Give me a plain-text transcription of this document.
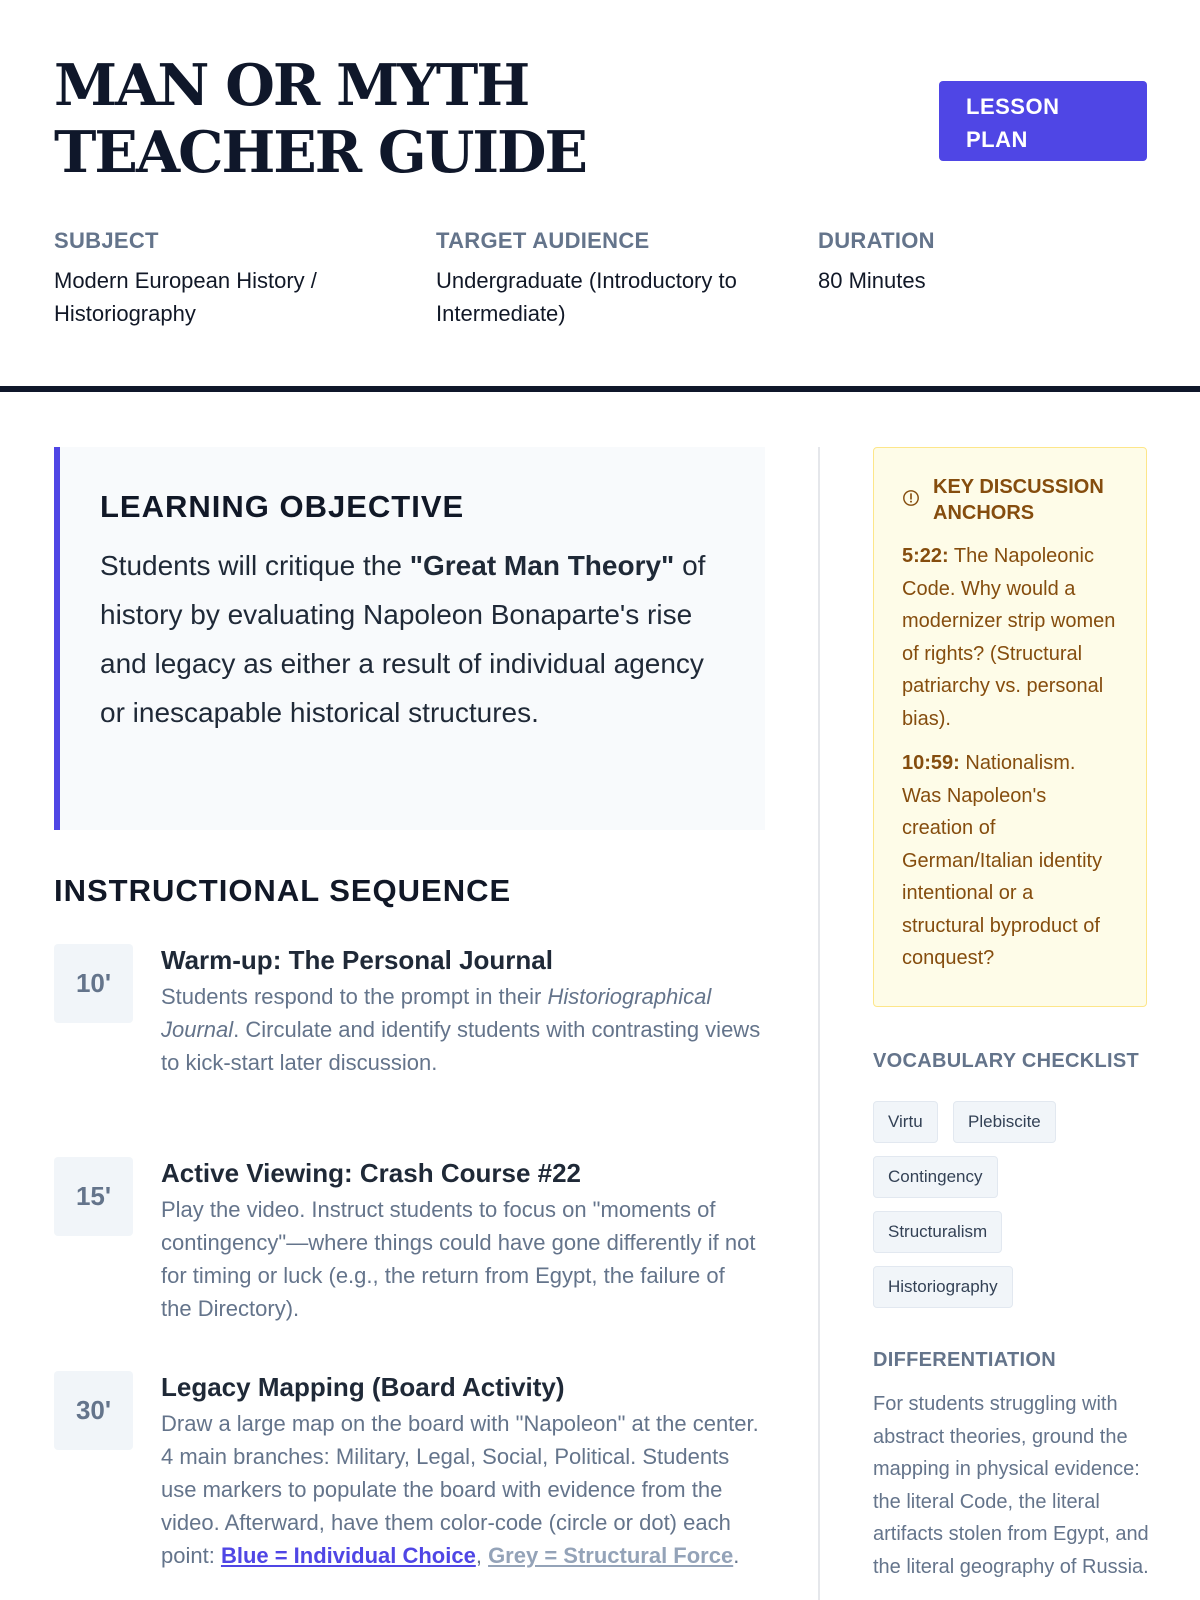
MAN OR MYTH TEACHER GUIDE
LESSON PLAN
SUBJECT
Modern European History / Historiography
TARGET AUDIENCE
Undergraduate (Introductory to Intermediate)
DURATION
80 Minutes
LEARNING OBJECTIVE
Students will critique the "Great Man Theory" of history by evaluating Napoleon Bonaparte's rise and legacy as either a result of individual agency or inescapable historical structures.
INSTRUCTIONAL SEQUENCE
10'
Warm-up: The Personal Journal
Students respond to the prompt in their Historiographical Journal. Circulate and identify students with contrasting views to kick-start later discussion.
15'
Active Viewing: Crash Course #22
Play the video. Instruct students to focus on "moments of contingency"—where things could have gone differently if not for timing or luck (e.g., the return from Egypt, the failure of the Directory).
30'
Legacy Mapping (Board Activity)
Draw a large map on the board with "Napoleon" at the center. 4 main branches: Military, Legal, Social, Political. Students use markers to populate the board with evidence from the video. Afterward, have them color-code (circle or dot) each point: Blue = Individual Choice, Grey = Structural Force.
KEY DISCUSSION ANCHORS
5:22: The Napoleonic Code. Why would a modernizer strip women of rights? (Structural patriarchy vs. personal bias).
10:59: Nationalism. Was Napoleon's creation of German/Italian identity intentional or a structural byproduct of conquest?
VOCABULARY CHECKLIST
Virtu	Plebiscite
Contingency
Structuralism
Historiography
DIFFERENTIATION
For students struggling with abstract theories, ground the mapping in physical evidence: the literal Code, the literal artifacts stolen from Egypt, and the literal geography of Russia.
